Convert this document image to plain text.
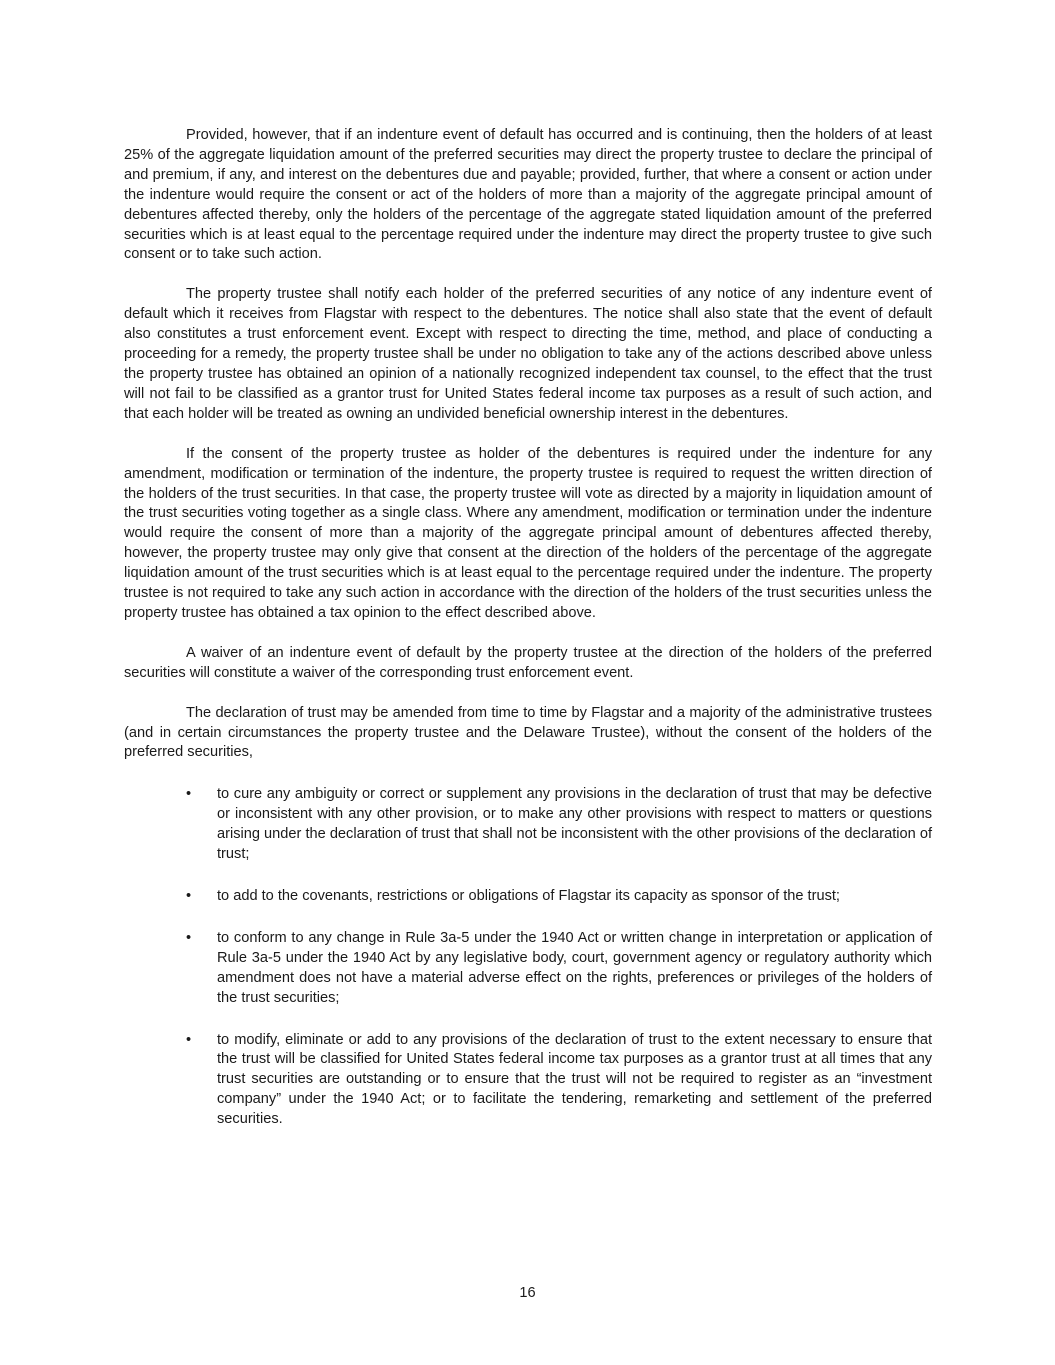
Provided, however, that if an indenture event of default has occurred and is continuing, then the holders of at least 25% of the aggregate liquidation amount of the preferred securities may direct the property trustee to declare the principal of and premium, if any, and interest on the debentures due and payable; provided, further, that where a consent or action under the indenture would require the consent or act of the holders of more than a majority of the aggregate principal amount of debentures affected thereby, only the holders of the percentage of the aggregate stated liquidation amount of the preferred securities which is at least equal to the percentage required under the indenture may direct the property trustee to give such consent or to take such action.

The property trustee shall notify each holder of the preferred securities of any notice of any indenture event of default which it receives from Flagstar with respect to the debentures. The notice shall also state that the event of default also constitutes a trust enforcement event. Except with respect to directing the time, method, and place of conducting a proceeding for a remedy, the property trustee shall be under no obligation to take any of the actions described above unless the property trustee has obtained an opinion of a nationally recognized independent tax counsel, to the effect that the trust will not fail to be classified as a grantor trust for United States federal income tax purposes as a result of such action, and that each holder will be treated as owning an undivided beneficial ownership interest in the debentures.

If the consent of the property trustee as holder of the debentures is required under the indenture for any amendment, modification or termination of the indenture, the property trustee is required to request the written direction of the holders of the trust securities. In that case, the property trustee will vote as directed by a majority in liquidation amount of the trust securities voting together as a single class. Where any amendment, modification or termination under the indenture would require the consent of more than a majority of the aggregate principal amount of debentures affected thereby, however, the property trustee may only give that consent at the direction of the holders of the percentage of the aggregate liquidation amount of the trust securities which is at least equal to the percentage required under the indenture. The property trustee is not required to take any such action in accordance with the direction of the holders of the trust securities unless the property trustee has obtained a tax opinion to the effect described above.

A waiver of an indenture event of default by the property trustee at the direction of the holders of the preferred securities will constitute a waiver of the corresponding trust enforcement event.

The declaration of trust may be amended from time to time by Flagstar and a majority of the administrative trustees (and in certain circumstances the property trustee and the Delaware Trustee), without the consent of the holders of the preferred securities,

• to cure any ambiguity or correct or supplement any provisions in the declaration of trust that may be defective or inconsistent with any other provision, or to make any other provisions with respect to matters or questions arising under the declaration of trust that shall not be inconsistent with the other provisions of the declaration of trust;
• to add to the covenants, restrictions or obligations of Flagstar its capacity as sponsor of the trust;
• to conform to any change in Rule 3a-5 under the 1940 Act or written change in interpretation or application of Rule 3a-5 under the 1940 Act by any legislative body, court, government agency or regulatory authority which amendment does not have a material adverse effect on the rights, preferences or privileges of the holders of the trust securities;
• to modify, eliminate or add to any provisions of the declaration of trust to the extent necessary to ensure that the trust will be classified for United States federal income tax purposes as a grantor trust at all times that any trust securities are outstanding or to ensure that the trust will not be required to register as an “investment company” under the 1940 Act; or to facilitate the tendering, remarketing and settlement of the preferred securities.
16
